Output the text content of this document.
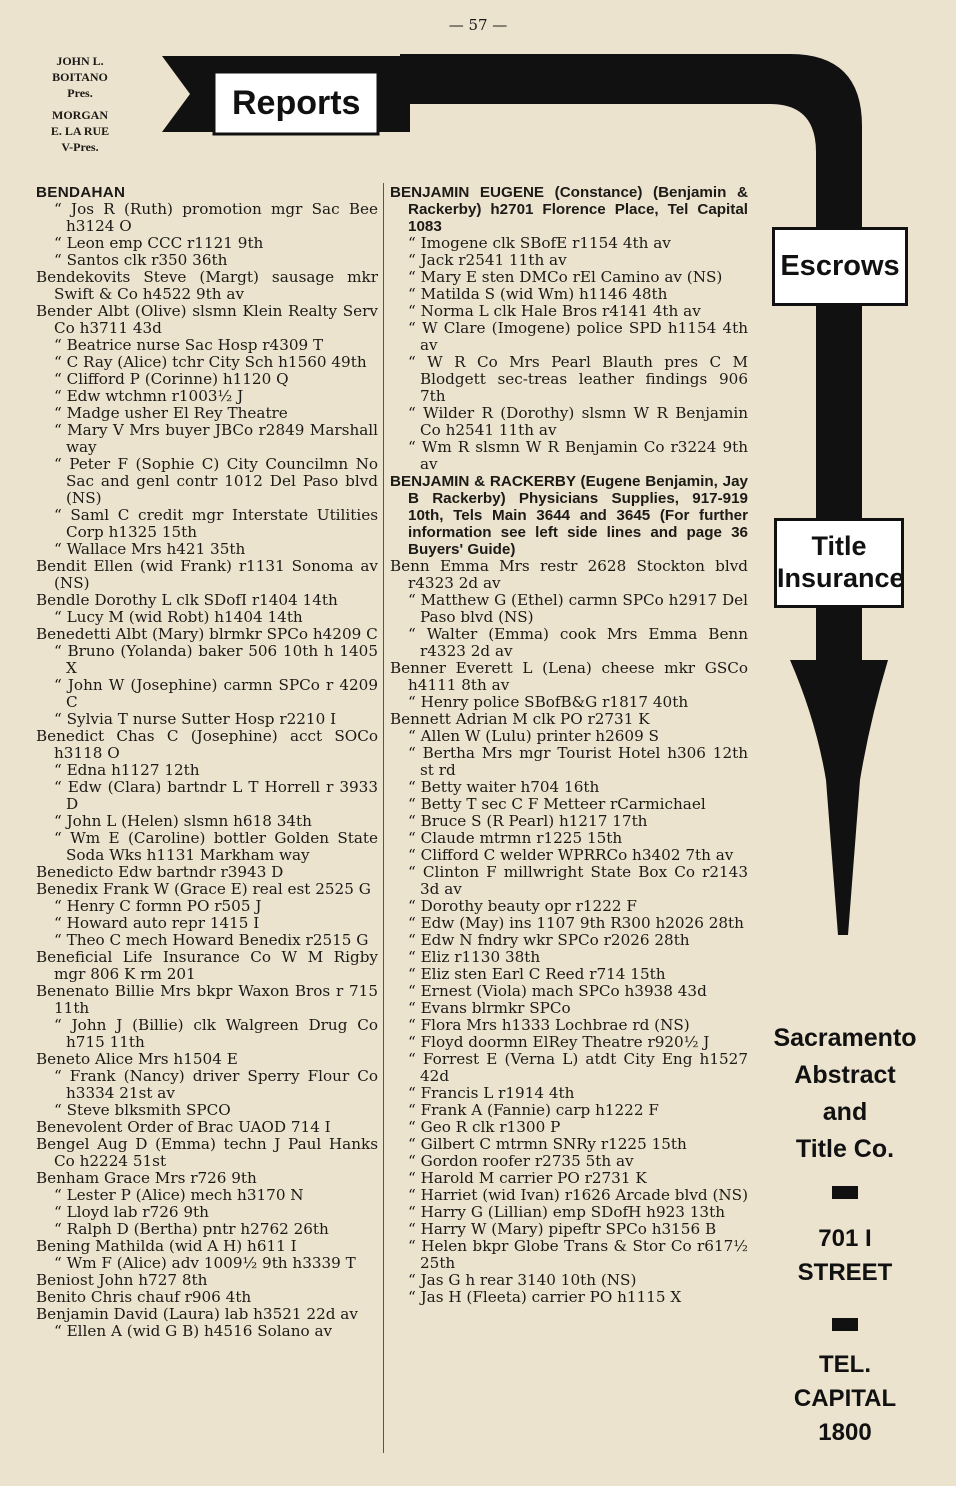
— 57 —
JOHN L.
BOITANO
Pres.
MORGAN
E. LA RUE
V-Pres.
Reports
Escrows
Title
Insurance
Sacramento
Abstract
and
Title Co.
701 I
STREET
TEL.
CAPITAL
1800
BENDAHAN
“ Jos R (Ruth) promotion mgr Sac Bee h3124 O
“ Leon emp CCC r1121 9th
“ Santos clk r350 36th
Bendekovits Steve (Margt) sausage mkr Swift & Co h4522 9th av
Bender Albt (Olive) slsmn Klein Realty Serv Co h3711 43d
“ Beatrice nurse Sac Hosp r4309 T
“ C Ray (Alice) tchr City Sch h1560 49th
“ Clifford P (Corinne) h1120 Q
“ Edw wtchmn r1003½ J
“ Madge usher El Rey Theatre
“ Mary V Mrs buyer JBCo r2849 Marshall way
“ Peter F (Sophie C) City Councilmn No Sac and genl contr 1012 Del Paso blvd (NS)
“ Saml C credit mgr Interstate Utilities Corp h1325 15th
“ Wallace Mrs h421 35th
Bendit Ellen (wid Frank) r1131 Sonoma av (NS)
Bendle Dorothy L clk SDofI r1404 14th
“ Lucy M (wid Robt) h1404 14th
Benedetti Albt (Mary) blrmkr SPCo h4209 C
“ Bruno (Yolanda) baker 506 10th h 1405 X
“ John W (Josephine) carmn SPCo r 4209 C
“ Sylvia T nurse Sutter Hosp r2210 I
Benedict Chas C (Josephine) acct SOCo h3118 O
“ Edna h1127 12th
“ Edw (Clara) bartndr L T Horrell r 3933 D
“ John L (Helen) slsmn h618 34th
“ Wm E (Caroline) bottler Golden State Soda Wks h1131 Markham way
Benedicto Edw bartndr r3943 D
Benedix Frank W (Grace E) real est 2525 G
“ Henry C formn PO r505 J
“ Howard auto repr 1415 I
“ Theo C mech Howard Benedix r2515 G
Beneficial Life Insurance Co W M Rigby mgr 806 K rm 201
Benenato Billie Mrs bkpr Waxon Bros r 715 11th
“ John J (Billie) clk Walgreen Drug Co h715 11th
Beneto Alice Mrs h1504 E
“ Frank (Nancy) driver Sperry Flour Co h3334 21st av
“ Steve blksmith SPCO
Benevolent Order of Brac UAOD 714 I
Bengel Aug D (Emma) techn J Paul Hanks Co h2224 51st
Benham Grace Mrs r726 9th
“ Lester P (Alice) mech h3170 N
“ Lloyd lab r726 9th
“ Ralph D (Bertha) pntr h2762 26th
Bening Mathilda (wid A H) h611 I
“ Wm F (Alice) adv 1009½ 9th h3339 T
Beniost John h727 8th
Benito Chris chauf r906 4th
Benjamin David (Laura) lab h3521 22d av
“ Ellen A (wid G B) h4516 Solano av
BENJAMIN EUGENE (Constance) (Benjamin & Rackerby) h2701 Florence Place, Tel Capital 1083
“ Imogene clk SBofE r1154 4th av
“ Jack r2541 11th av
“ Mary E sten DMCo rEl Camino av (NS)
“ Matilda S (wid Wm) h1146 48th
“ Norma L clk Hale Bros r4141 4th av
“ W Clare (Imogene) police SPD h1154 4th av
“ W R Co Mrs Pearl Blauth pres C M Blodgett sec-treas leather findings 906 7th
“ Wilder R (Dorothy) slsmn W R Benjamin Co h2541 11th av
“ Wm R slsmn W R Benjamin Co r3224 9th av
BENJAMIN & RACKERBY (Eugene Benjamin, Jay B Rackerby) Physicians Supplies, 917-919 10th, Tels Main 3644 and 3645 (For further information see left side lines and page 36 Buyers' Guide)
Benn Emma Mrs restr 2628 Stockton blvd r4323 2d av
“ Matthew G (Ethel) carmn SPCo h2917 Del Paso blvd (NS)
“ Walter (Emma) cook Mrs Emma Benn r4323 2d av
Benner Everett L (Lena) cheese mkr GSCo h4111 8th av
“ Henry police SBofB&G r1817 40th
Bennett Adrian M clk PO r2731 K
“ Allen W (Lulu) printer h2609 S
“ Bertha Mrs mgr Tourist Hotel h306 12th st rd
“ Betty waiter h704 16th
“ Betty T sec C F Metteer rCarmichael
“ Bruce S (R Pearl) h1217 17th
“ Claude mtrmn r1225 15th
“ Clifford C welder WPRRCo h3402 7th av
“ Clinton F millwright State Box Co r2143 3d av
“ Dorothy beauty opr r1222 F
“ Edw (May) ins 1107 9th R300 h2026 28th
“ Edw N fndry wkr SPCo r2026 28th
“ Eliz r1130 38th
“ Eliz sten Earl C Reed r714 15th
“ Ernest (Viola) mach SPCo h3938 43d
“ Evans blrmkr SPCo
“ Flora Mrs h1333 Lochbrae rd (NS)
“ Floyd doormn ElRey Theatre r920½ J
“ Forrest E (Verna L) atdt City Eng h1527 42d
“ Francis L r1914 4th
“ Frank A (Fannie) carp h1222 F
“ Geo R clk r1300 P
“ Gilbert C mtrmn SNRy r1225 15th
“ Gordon roofer r2735 5th av
“ Harold M carrier PO r2731 K
“ Harriet (wid Ivan) r1626 Arcade blvd (NS)
“ Harry G (Lillian) emp SDofH h923 13th
“ Harry W (Mary) pipeftr SPCo h3156 B
“ Helen bkpr Globe Trans & Stor Co r617½ 25th
“ Jas G h rear 3140 10th (NS)
“ Jas H (Fleeta) carrier PO h1115 X
